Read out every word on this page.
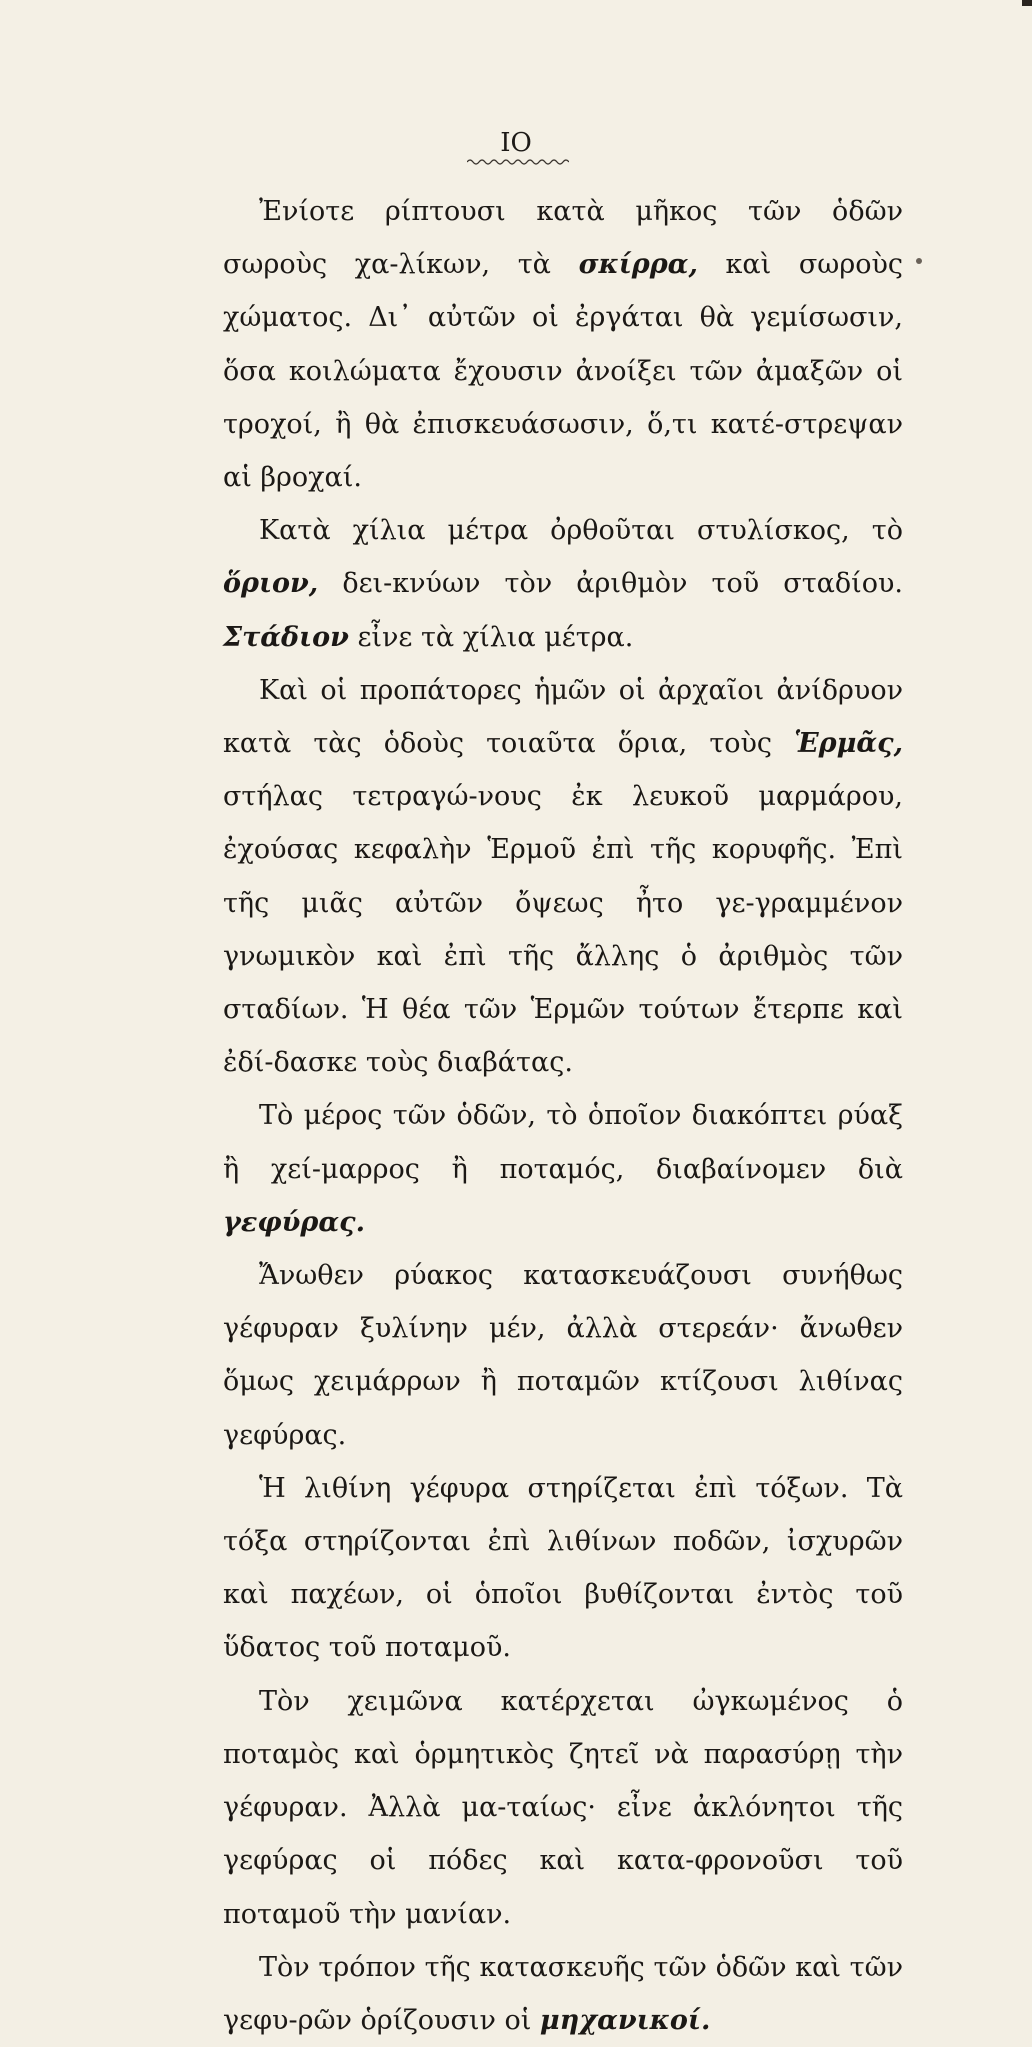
IO

Ἐνίοτε ρίπτουσι κατὰ μῆκος τῶν ὁδῶν σωροὺς χα-λίκων, τὰ σκίρρα, καὶ σωροὺς χώματος. Δι᾽ αὐτῶν οἱ ἐργάται θὰ γεμίσωσιν, ὅσα κοιλώματα ἔχουσιν ἀνοίξει τῶν ἀμαξῶν οἱ τροχοί, ἢ θὰ ἐπισκευάσωσιν, ὅ,τι κατέ-στρεψαν αἱ βροχαί.

Κατὰ χίλια μέτρα ὀρθοῦται στυλίσκος, τὸ ὅριον, δει-κνύων τὸν ἀριθμὸν τοῦ σταδίου. Στάδιον εἶνε τὰ χίλια μέτρα.

Καὶ οἱ προπάτορες ἡμῶν οἱ ἀρχαῖοι ἀνίδρυον κατὰ τὰς ὁδοὺς τοιαῦτα ὅρια, τοὺς Ἑρμᾶς, στήλας τετραγώ-νους ἐκ λευκοῦ μαρμάρου, ἐχούσας κεφαλὴν Ἑρμοῦ ἐπὶ τῆς κορυφῆς. Ἐπὶ τῆς μιᾶς αὐτῶν ὄψεως ἦτο γε-γραμμένον γνωμικὸν καὶ ἐπὶ τῆς ἄλλης ὁ ἀριθμὸς τῶν σταδίων. Ἡ θέα τῶν Ἑρμῶν τούτων ἔτερπε καὶ ἐδί-δασκε τοὺς διαβάτας.

Τὸ μέρος τῶν ὁδῶν, τὸ ὁποῖον διακόπτει ρύαξ ἢ χεί-μαρρος ἢ ποταμός, διαβαίνομεν διὰ γεφύρας.

Ἄνωθεν ρύακος κατασκευάζουσι συνήθως γέφυραν ξυλίνην μέν, ἀλλὰ στερεάν· ἄνωθεν ὅμως χειμάρρων ἢ ποταμῶν κτίζουσι λιθίνας γεφύρας.

Ἡ λιθίνη γέφυρα στηρίζεται ἐπὶ τόξων. Τὰ τόξα στηρίζονται ἐπὶ λιθίνων ποδῶν, ἰσχυρῶν καὶ παχέων, οἱ ὁποῖοι βυθίζονται ἐντὸς τοῦ ὕδατος τοῦ ποταμοῦ.

Τὸν χειμῶνα κατέρχεται ὠγκωμένος ὁ ποταμὸς καὶ ὁρμητικὸς ζητεῖ νὰ παρασύρῃ τὴν γέφυραν. Ἀλλὰ μα-ταίως· εἶνε ἀκλόνητοι τῆς γεφύρας οἱ πόδες καὶ κατα-φρονοῦσι τοῦ ποταμοῦ τὴν μανίαν.

Τὸν τρόπον τῆς κατασκευῆς τῶν ὁδῶν καὶ τῶν γεφυ-ρῶν ὁρίζουσιν οἱ μηχανικοί.
